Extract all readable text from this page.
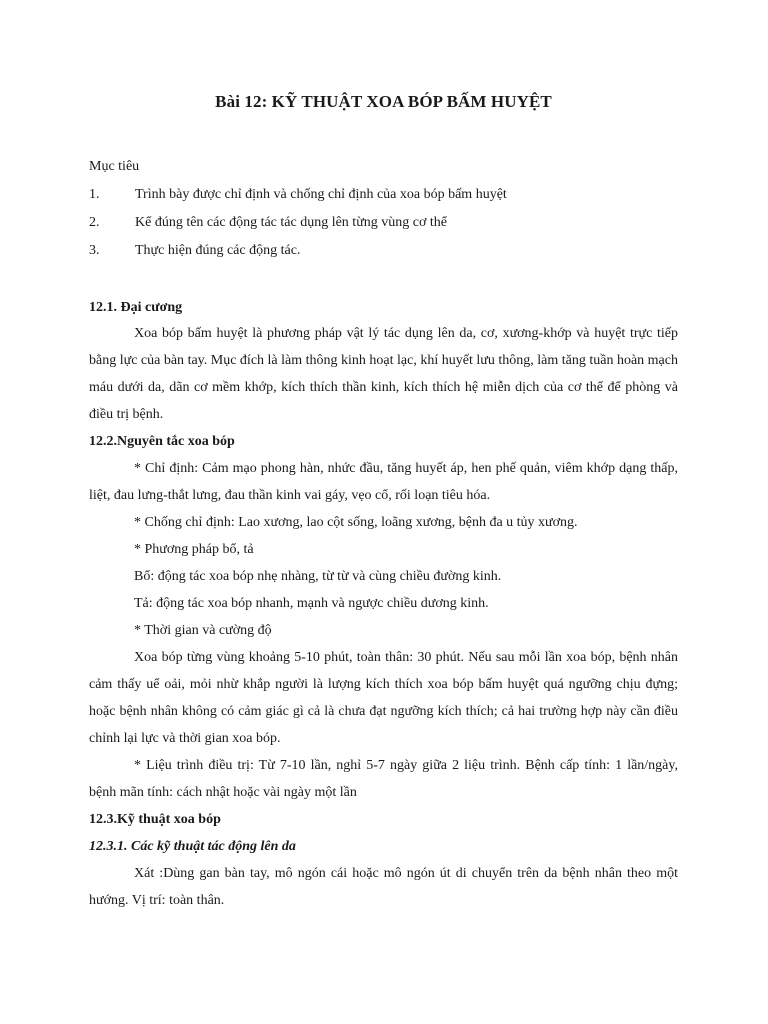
Bài 12: KỸ THUẬT XOA BÓP BẤM HUYỆT
Mục tiêu
1.	Trình bày được chỉ định và chống chỉ định của xoa bóp bấm huyệt
2.	Kể đúng tên các động tác tác dụng lên từng vùng cơ thể
3.	Thực hiện đúng các động tác.
12.1. Đại cương

Xoa bóp bấm huyệt là phương pháp vật lý tác dụng lên da, cơ, xương-khớp và huyệt trực tiếp bằng lực của bàn tay. Mục đích là làm thông kinh hoạt lạc, khí huyết lưu thông, làm tăng tuần hoàn mạch máu dưới da, dãn cơ mềm khớp, kích thích thần kinh, kích thích hệ miễn dịch của cơ thể để phòng và điều trị bệnh.

12.2.Nguyên tắc xoa bóp

* Chỉ định: Cảm mạo phong hàn, nhức đầu, tăng huyết áp, hen phế quản, viêm khớp dạng thấp, liệt, đau lưng-thắt lưng, đau thần kinh vai gáy, vẹo cổ, rối loạn tiêu hóa.

* Chống chỉ định: Lao xương, lao cột sống, loãng xương, bệnh đa u tủy xương.

* Phương pháp bổ, tả

Bổ: động tác xoa bóp nhẹ nhàng, từ từ và cùng chiều đường kinh.

Tả: động tác xoa bóp nhanh, mạnh và ngược chiều dương kinh.

* Thời gian và cường độ

Xoa bóp từng vùng khoảng 5-10 phút, toàn thân: 30 phút. Nếu sau mỗi lần xoa bóp, bệnh nhân cảm thấy uể oải, mỏi nhừ khắp người là lượng kích thích xoa bóp bấm huyệt quá ngưỡng chịu đựng; hoặc bệnh nhân không có cảm giác gì cả là chưa đạt ngưỡng kích thích; cả hai trường hợp này cần điều chỉnh lại lực và thời gian xoa bóp.

* Liệu trình điều trị: Từ 7-10 lần, nghỉ 5-7 ngày giữa 2 liệu trình. Bệnh cấp tính: 1 lần/ngày, bệnh mãn tính: cách nhật hoặc vài ngày một lần

12.3.Kỹ thuật xoa bóp
12.3.1. Các kỹ thuật tác động lên da

Xát :Dùng gan bàn tay, mô ngón cái hoặc mô ngón út di chuyển trên da bệnh nhân theo một hướng. Vị trí: toàn thân.
